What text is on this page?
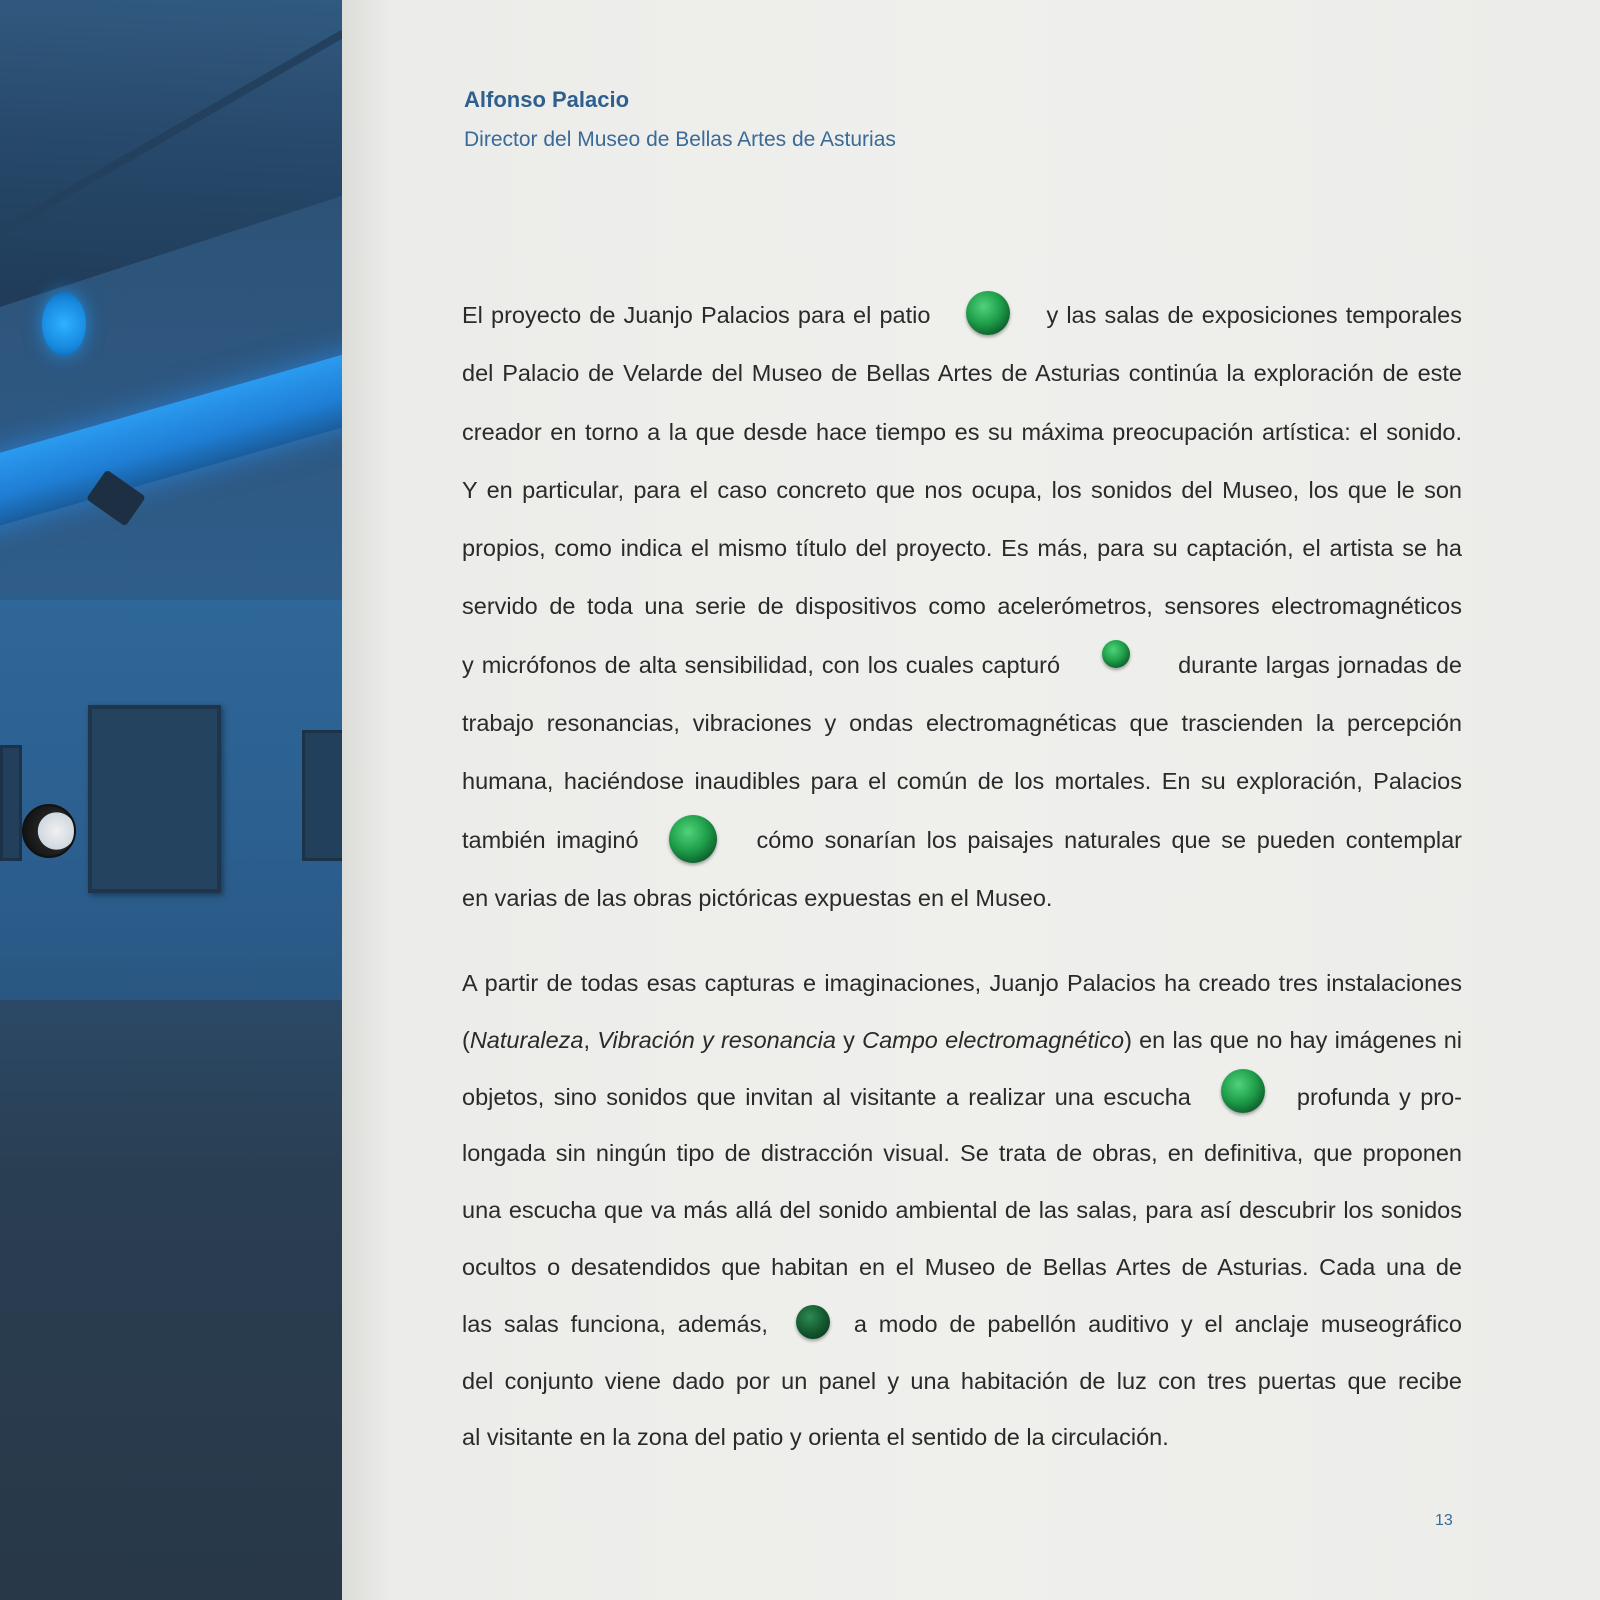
Alfonso Palacio

Director del Museo de Bellas Artes de Asturias

El proyecto de Juanjo Palacios para el patio	y las salas de exposiciones temporales
del Palacio de Velarde del Museo de Bellas Artes de Asturias continúa la exploración de este
creador en torno a la que desde hace tiempo es su máxima preocupación artística: el sonido.
Y en particular, para el caso concreto que nos ocupa, los sonidos del Museo, los que le son
propios, como indica el mismo título del proyecto. Es más, para su captación, el artista se ha
servido de toda una serie de dispositivos como acelerómetros, sensores electromagnéticos
y micrófonos de alta sensibilidad, con los cuales capturó	durante largas jornadas de
trabajo resonancias, vibraciones y ondas electromagnéticas que trascienden la percepción
humana, haciéndose inaudibles para el común de los mortales. En su exploración, Palacios
también imaginó	cómo sonarían los paisajes naturales que se pueden contemplar
en varias de las obras pictóricas expuestas en el Museo.
A partir de todas esas capturas e imaginaciones, Juanjo Palacios ha creado tres instalaciones
(Naturaleza, Vibración y resonancia y Campo electromagnético) en las que no hay imágenes ni
objetos, sino sonidos que invitan al visitante a realizar una escucha	profunda y pro-
longada sin ningún tipo de distracción visual. Se trata de obras, en definitiva, que proponen
una escucha que va más allá del sonido ambiental de las salas, para así descubrir los sonidos
ocultos o desatendidos que habitan en el Museo de Bellas Artes de Asturias. Cada una de
las salas funciona, además,	a modo de pabellón auditivo y el anclaje museográfico
del conjunto viene dado por un panel y una habitación de luz con tres puertas que recibe
al visitante en la zona del patio y orienta el sentido de la circulación.

13
